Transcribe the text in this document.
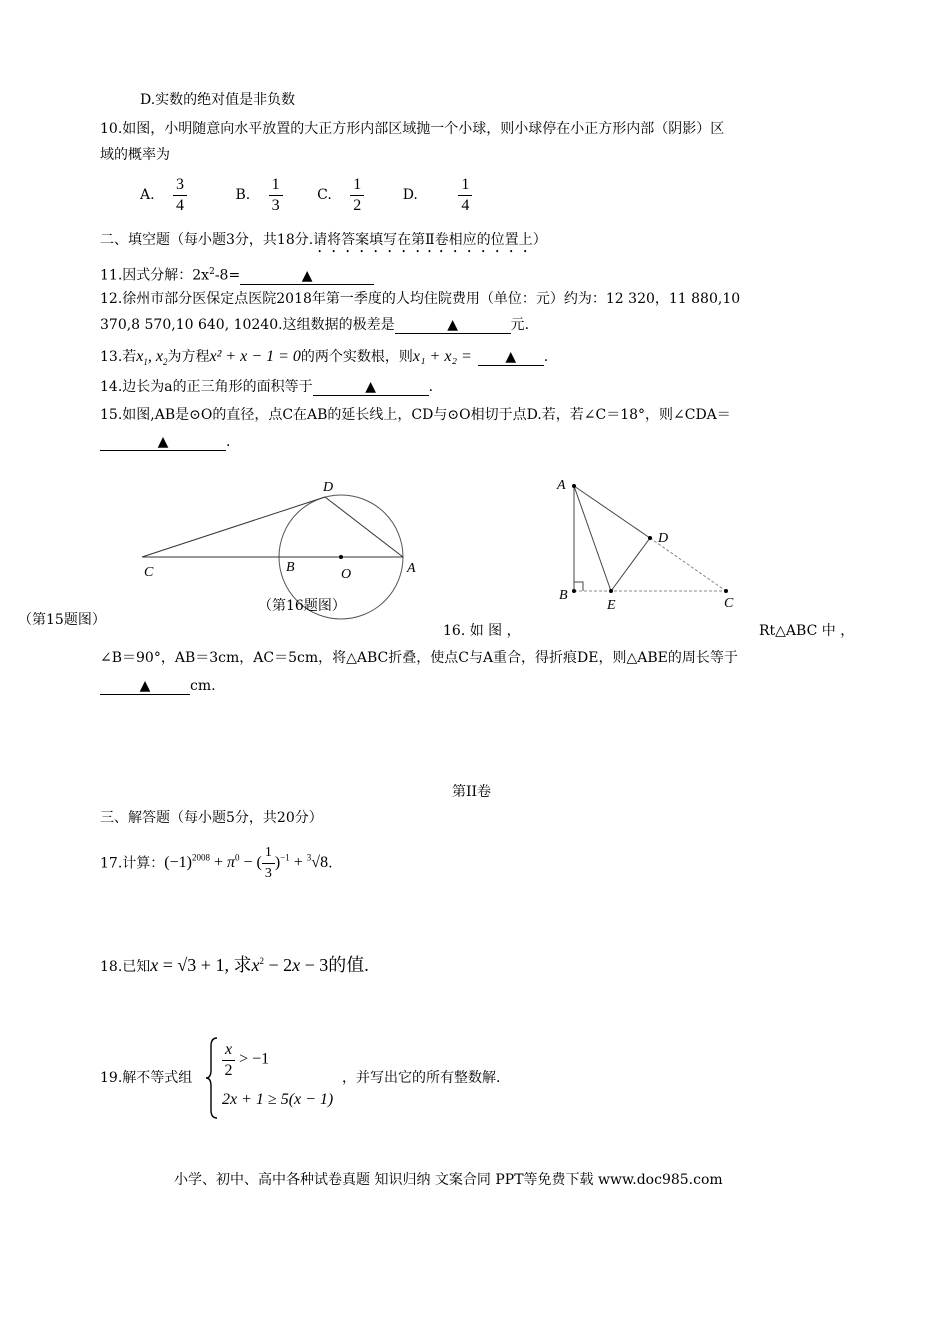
D.实数的绝对值是非负数
10.如图，小明随意向水平放置的大正方形内部区域抛一个小球，则小球停在小正方形内部（阴影）区
域的概率为
A. $\frac{3}{4}$	B. $\frac{1}{3} C$. $\frac{1}{2}$	D.	$\frac{1}{4}$
二、填空题（每小题3分，共18分.请将答案填写在第Ⅱ卷相应的位置上）
11.因式分解：$2x^2-8=$	▲
12.徐州市部分医保定点医院2018年第一季度的人均住院费用（单位：元）约为：12 320，11 880,10
370,8 570,10 640, 10240.这组数据的极差是	▲	元.
13.若$x_1$, $x_2$为方程x² + x − 1 = 0的两个实数根，则x₁ + x₂ = ▲ .
14.边长为a的正三角形的面积等于	▲	.
15.如图,AB是⊙O的直径，点C在AB的延长线上，CD与⊙O相切于点D.若，若∠C＝18°，则∠CDA＝
▲	.
D
C	B	O	A
（第16题图）
（第15题图）
A
D
B
E	C
16. 如 图 ，	Rt△ABC 中 ，
∠B＝90°，AB＝3cm，AC＝5cm，将△ABC折叠，使点C与A重合，得折痕DE，则△ABE的周长等于
▲	cm.
第II卷
三、解答题（每小题5分，共20分）
17.计算：$(-1)^{2008} + \pi^0$ − ( $\frac{1}{3} )^{-1} + ^3√8$.
18.已知x = √3 + 1, 求$x^2 - 2x - 3$的值.
19.解不等式组 $\frac{x}{2} > -1$
2x + 1 ≥ 5(x − 1)
，并写出它的所有整数解.
小学、初中、高中各种试卷真题 知识归纳 文案合同 PPT等免费下载 www.doc985.com
